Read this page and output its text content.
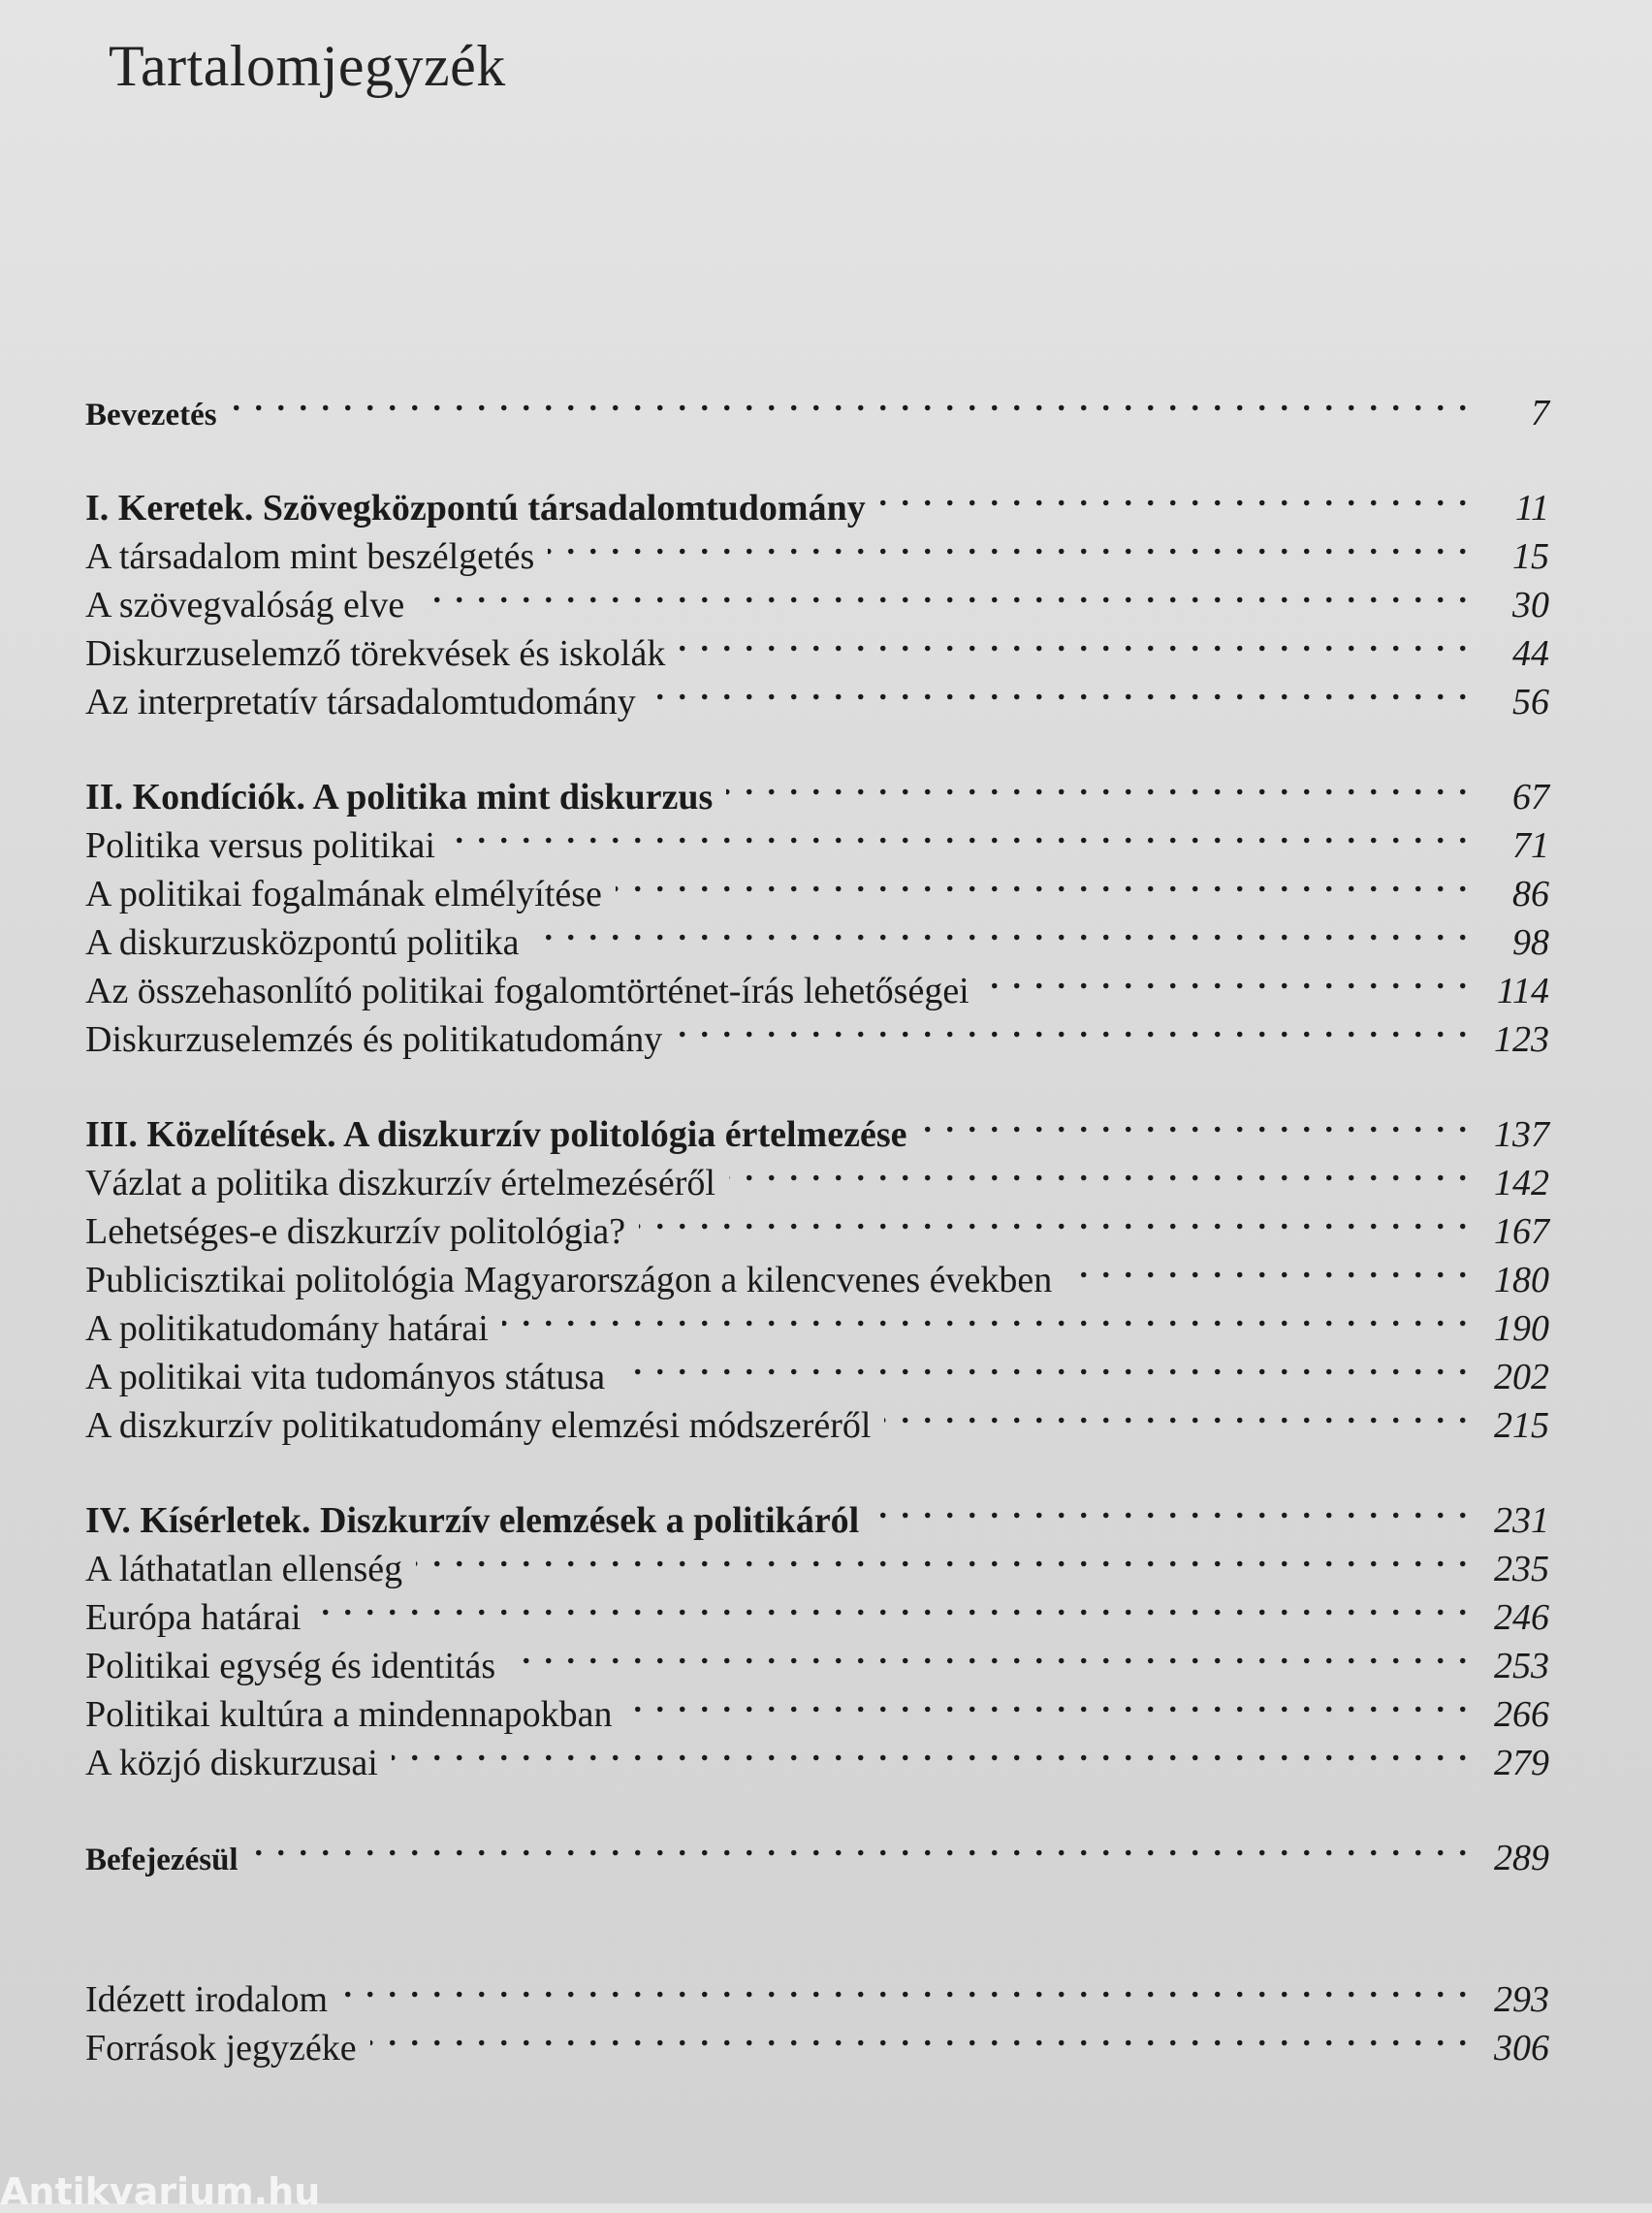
Tartalomjegyzék
Bevezetés . . .	7
I. Keretek. Szövegközpontú társadalomtudomány . . .	11
A társadalom mint beszélgetés . . .	15
A szövegvalóság elve . . .	30
Diskurzuselemző törekvések és iskolák . . .	44
Az interpretatív társadalomtudomány . . .	56
II. Kondíciók. A politika mint diskurzus . . .	67
Politika versus politikai . . .	71
A politikai fogalmának elmélyítése . . .	86
A diskurzusközpontú politika . . .	98
Az összehasonlító politikai fogalomtörténet-írás lehetőségei . . .	114
Diskurzuselemzés és politikatudomány . . .	123
III. Közelítések. A diszkurzív politológia értelmezése . . .	137
Vázlat a politika diszkurzív értelmezéséről . . .	142
Lehetséges-e diszkurzív politológia? . . .	167
Publicisztikai politológia Magyarországon a kilencvenes években . . .	180
A politikatudomány határai . . .	190
A politikai vita tudományos státusa . . .	202
A diszkurzív politikatudomány elemzési módszeréről . . .	215
IV. Kísérletek. Diszkurzív elemzések a politikáról . . .	231
A láthatatlan ellenség . . .	235
Európa határai . . .	246
Politikai egység és identitás . . .	253
Politikai kultúra a mindennapokban . . .	266
A közjó diskurzusai . . .	279
Befejezésül . . .	289
Idézett irodalom . . .	293
Források jegyzéke . . .	306
Antikvarium.hu
